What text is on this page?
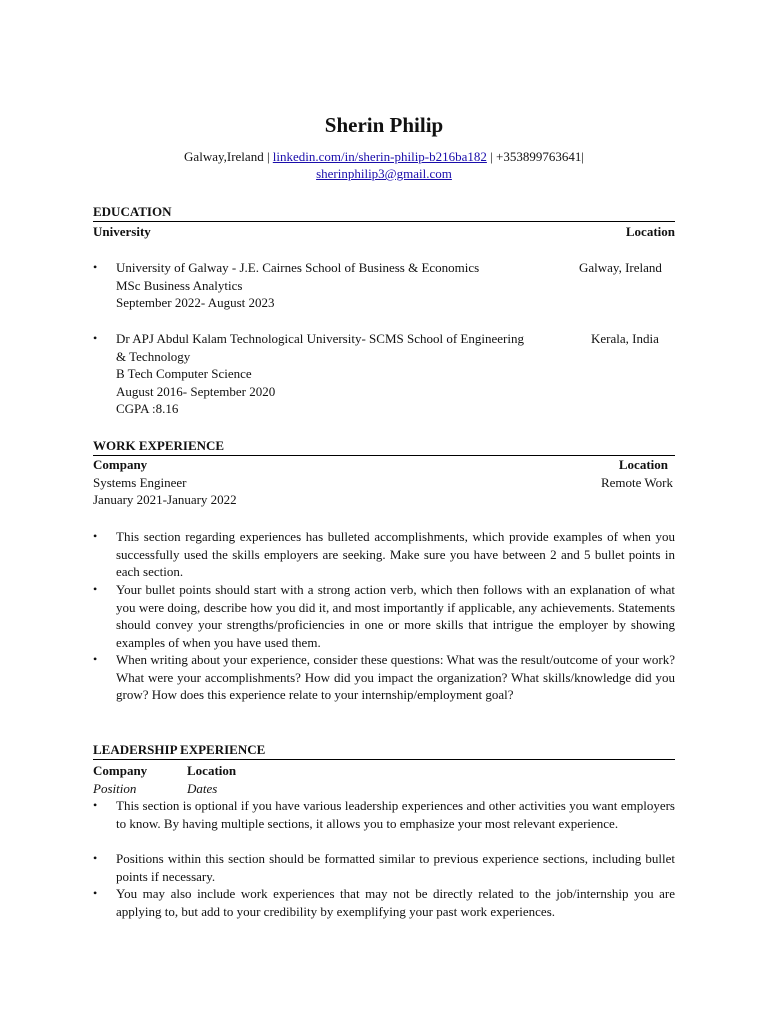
Sherin Philip
Galway,Ireland | linkedin.com/in/sherin-philip-b216ba182 | +353899763641|
sherinphilip3@gmail.com
EDUCATION
University	Location
• University of Galway - J.E. Cairnes School of Business & Economics	Galway, Ireland
MSc Business Analytics
September 2022- August 2023
• Dr APJ Abdul Kalam Technological University- SCMS School of Engineering	Kerala, India
& Technology
B Tech Computer Science
August 2016- September 2020
CGPA :8.16
WORK EXPERIENCE
Company	Location
Systems Engineer	Remote Work
January 2021-January 2022
• This section regarding experiences has bulleted accomplishments, which provide examples of when you successfully used the skills employers are seeking. Make sure you have between 2 and 5 bullet points in each section.
• Your bullet points should start with a strong action verb, which then follows with an explanation of what you were doing, describe how you did it, and most importantly if applicable, any achievements. Statements should convey your strengths/proficiencies in one or more skills that intrigue the employer by showing examples of when you have used them.
• When writing about your experience, consider these questions: What was the result/outcome of your work? What were your accomplishments? How did you impact the organization? What skills/knowledge did you grow? How does this experience relate to your internship/employment goal?
LEADERSHIP EXPERIENCE
Company	Location
Position	Dates
• This section is optional if you have various leadership experiences and other activities you want employers to know. By having multiple sections, it allows you to emphasize your most relevant experience.
• Positions within this section should be formatted similar to previous experience sections, including bullet points if necessary.
• You may also include work experiences that may not be directly related to the job/internship you are applying to, but add to your credibility by exemplifying your past work experiences.
